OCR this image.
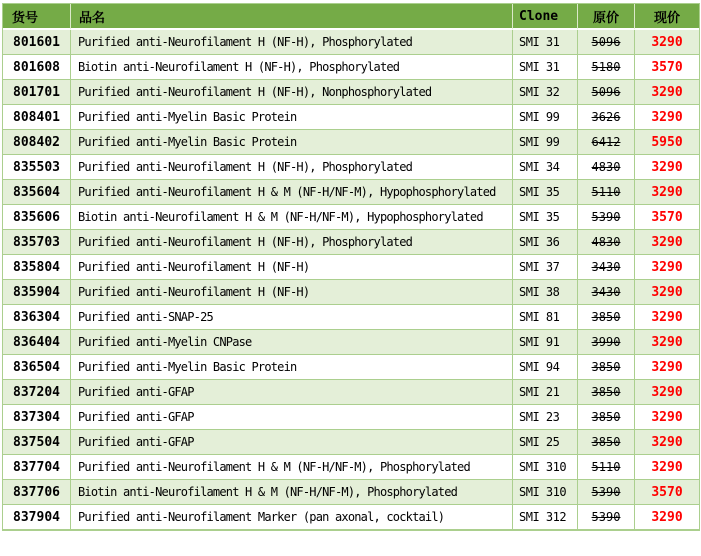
货号	品名	Clone	原价	现价
801601	Purified anti-Neurofilament H (NF-H), Phosphorylated	SMI 31	5096	3290
801608	Biotin anti-Neurofilament H (NF-H), Phosphorylated	SMI 31	5180	3570
801701	Purified anti-Neurofilament H (NF-H), Nonphosphorylated	SMI 32	5096	3290
808401	Purified anti-Myelin Basic Protein	SMI 99	3626	3290
808402	Purified anti-Myelin Basic Protein	SMI 99	6412	5950
835503	Purified anti-Neurofilament H (NF-H), Phosphorylated	SMI 34	4830	3290
835604	Purified anti-Neurofilament H & M (NF-H/NF-M), Hypophosphorylated	SMI 35	5110	3290
835606	Biotin anti-Neurofilament H & M (NF-H/NF-M), Hypophosphorylated	SMI 35	5390	3570
835703	Purified anti-Neurofilament H (NF-H), Phosphorylated	SMI 36	4830	3290
835804	Purified anti-Neurofilament H (NF-H)	SMI 37	3430	3290
835904	Purified anti-Neurofilament H (NF-H)	SMI 38	3430	3290
836304	Purified anti-SNAP-25	SMI 81	3850	3290
836404	Purified anti-Myelin CNPase	SMI 91	3990	3290
836504	Purified anti-Myelin Basic Protein	SMI 94	3850	3290
837204	Purified anti-GFAP	SMI 21	3850	3290
837304	Purified anti-GFAP	SMI 23	3850	3290
837504	Purified anti-GFAP	SMI 25	3850	3290
837704	Purified anti-Neurofilament H & M (NF-H/NF-M), Phosphorylated	SMI 310	5110	3290
837706	Biotin anti-Neurofilament H & M (NF-H/NF-M), Phosphorylated	SMI 310	5390	3570
837904	Purified anti-Neurofilament Marker (pan axonal, cocktail)	SMI 312	5390	3290
